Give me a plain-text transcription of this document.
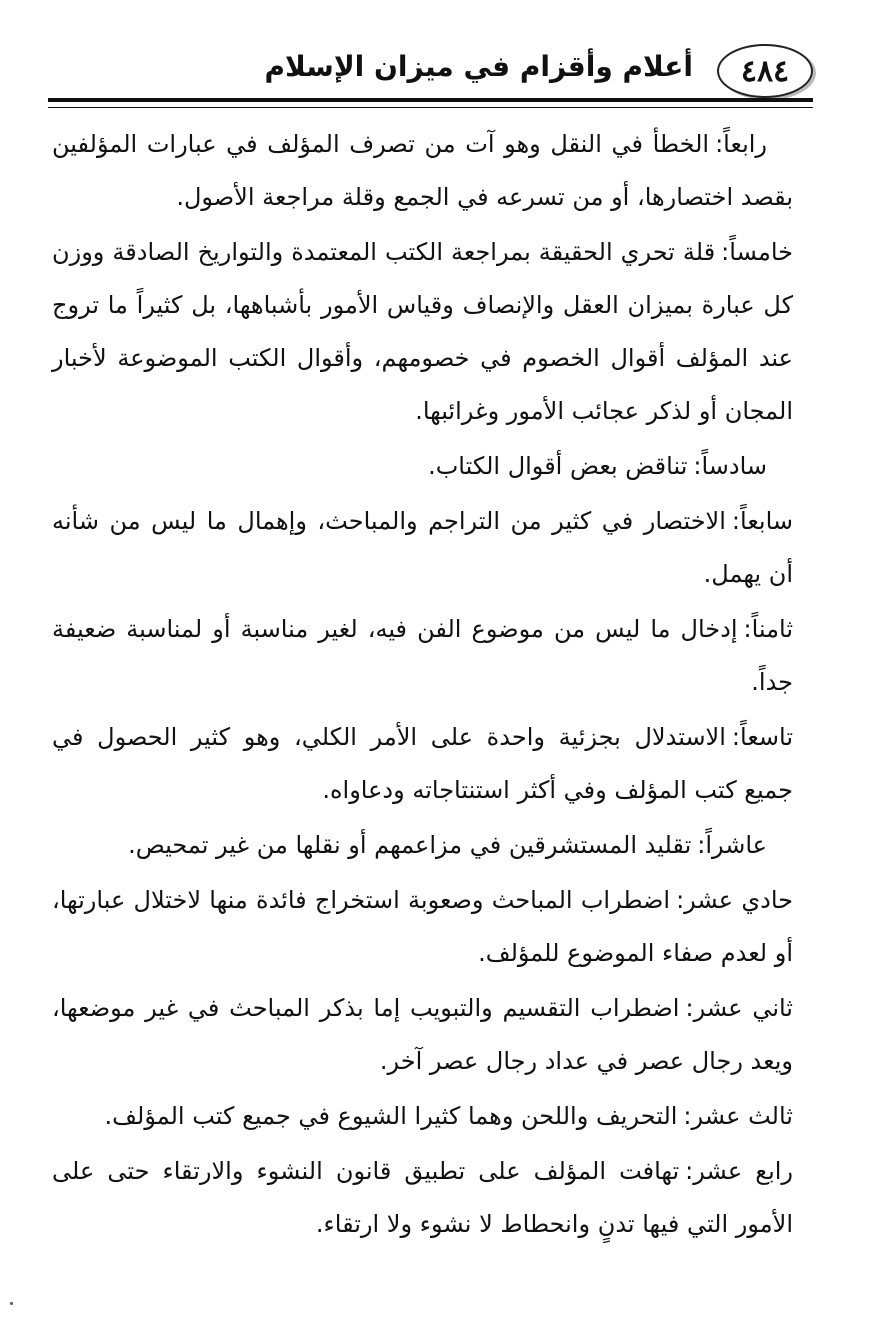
٤٨٤
أعلام وأقزام في ميزان الإسلام

رابعاً:الخطأ في النقل وهو آت من تصرف المؤلف في عبارات المؤلفين بقصد اختصارها، أو من تسرعه في الجمع وقلة مراجعة الأصول.

خامساً:قلة تحري الحقيقة بمراجعة الكتب المعتمدة والتواريخ الصادقة ووزن كل عبارة بميزان العقل والإنصاف وقياس الأمور بأشباهها، بل كثيراً ما تروج عند المؤلف أقوال الخصوم في خصومهم، وأقوال الكتب الموضوعة لأخبار المجان أو لذكر عجائب الأمور وغرائبها.

سادساً:تناقض بعض أقوال الكتاب.

سابعاً:الاختصار في كثير من التراجم والمباحث، وإهمال ما ليس من شأنه أن يهمل.

ثامناً:إدخال ما ليس من موضوع الفن فيه، لغير مناسبة أو لمناسبة ضعيفة جداً.

تاسعاً:الاستدلال بجزئية واحدة على الأمر الكلي، وهو كثير الحصول في جميع كتب المؤلف وفي أكثر استنتاجاته ودعاواه.

عاشراً:تقليد المستشرقين في مزاعمهم أو نقلها من غير تمحيص.

حادي عشر:اضطراب المباحث وصعوبة استخراج فائدة منها لاختلال عبارتها، أو لعدم صفاء الموضوع للمؤلف.

ثاني عشر:اضطراب التقسيم والتبويب إما بذكر المباحث في غير موضعها، ويعد رجال عصر في عداد رجال عصر آخر.

ثالث عشر:التحريف واللحن وهما كثيرا الشيوع في جميع كتب المؤلف.

رابع عشر:تهافت المؤلف على تطبيق قانون النشوء والارتقاء حتى على الأمور التي فيها تدنٍ وانحطاط لا نشوء ولا ارتقاء.
